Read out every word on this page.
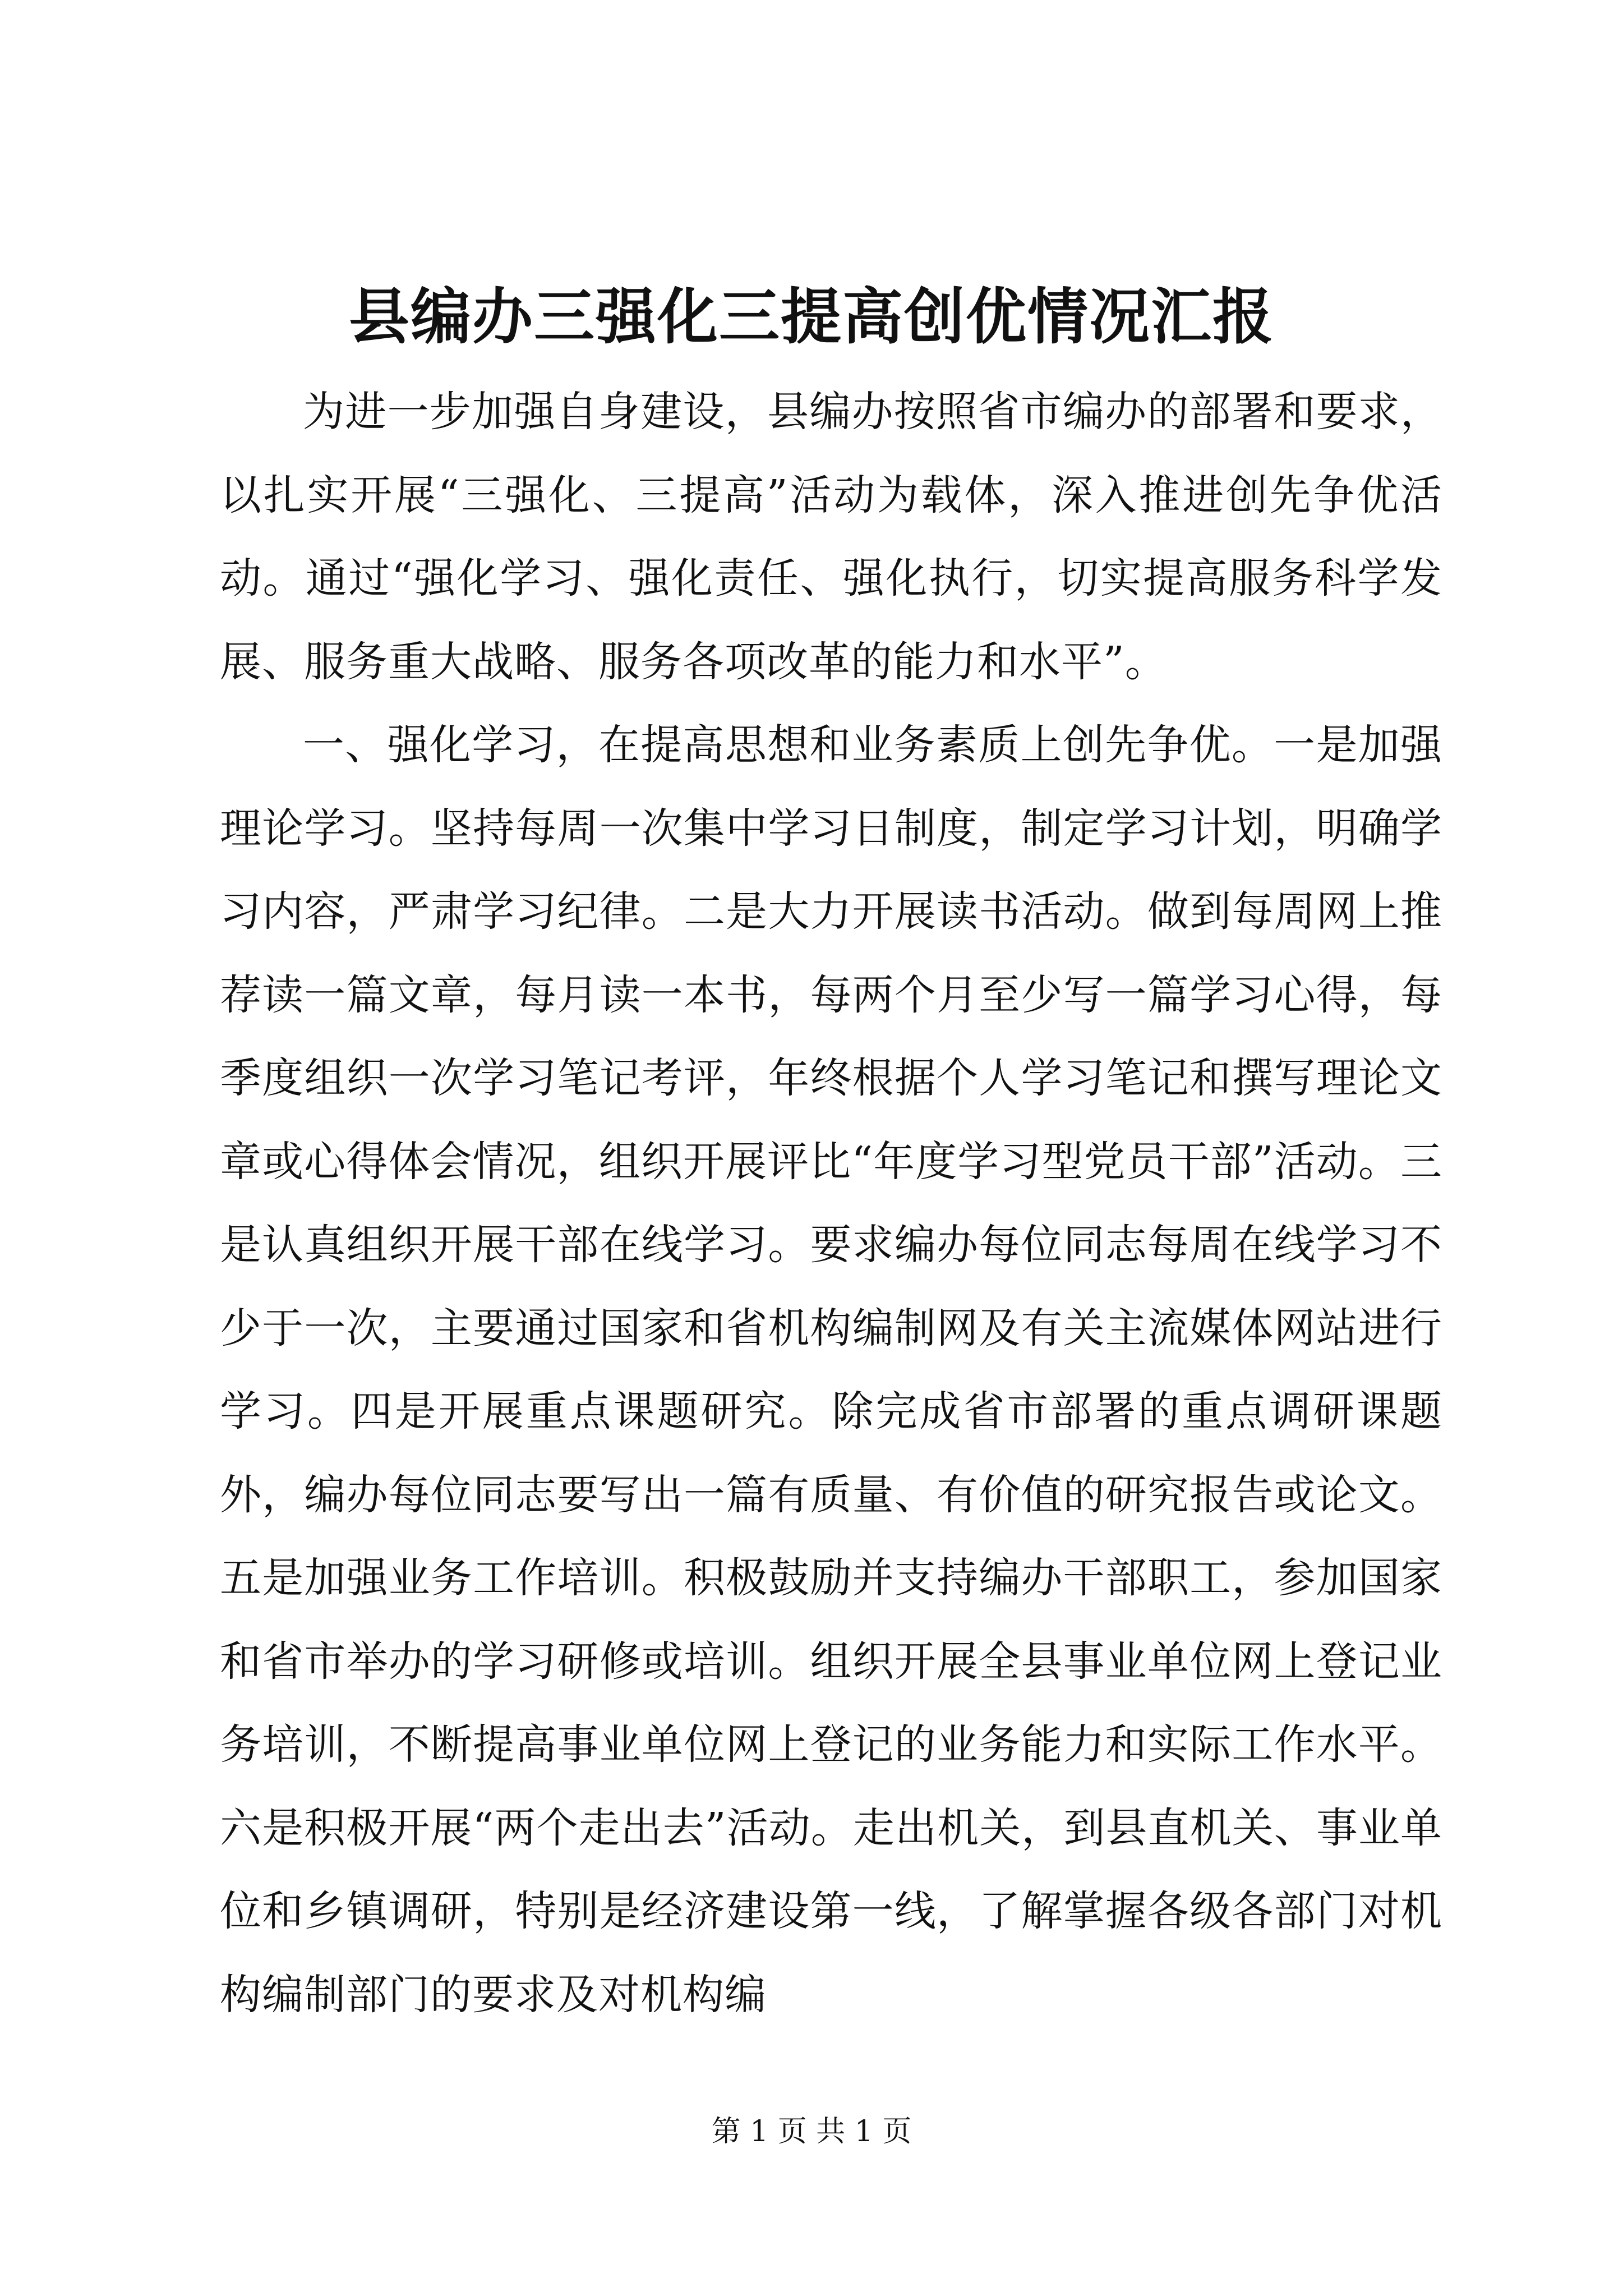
县编办三强化三提高创优情况汇报

为进一步加强自身建设，县编办按照省市编办的部署和要求，以扎实开展“三强化、三提高”活动为载体，深入推进创先争优活动。通过“强化学习、强化责任、强化执行，切实提高服务科学发展、服务重大战略、服务各项改革的能力和水平”。

一、强化学习，在提高思想和业务素质上创先争优。一是加强理论学习。坚持每周一次集中学习日制度，制定学习计划，明确学习内容，严肃学习纪律。二是大力开展读书活动。做到每周网上推荐读一篇文章，每月读一本书，每两个月至少写一篇学习心得，每季度组织一次学习笔记考评，年终根据个人学习笔记和撰写理论文章或心得体会情况，组织开展评比“年度学习型党员干部”活动。三是认真组织开展干部在线学习。要求编办每位同志每周在线学习不少于一次，主要通过国家和省机构编制网及有关主流媒体网站进行学习。四是开展重点课题研究。除完成省市部署的重点调研课题外，编办每位同志要写出一篇有质量、有价值的研究报告或论文。五是加强业务工作培训。积极鼓励并支持编办干部职工，参加国家和省市举办的学习研修或培训。组织开展全县事业单位网上登记业务培训，不断提高事业单位网上登记的业务能力和实际工作水平。六是积极开展“两个走出去”活动。走出机关，到县直机关、事业单位和乡镇调研，特别是经济建设第一线，了解掌握各级各部门对机构编制部门的要求及对机构编

第 1 页 共 1 页
